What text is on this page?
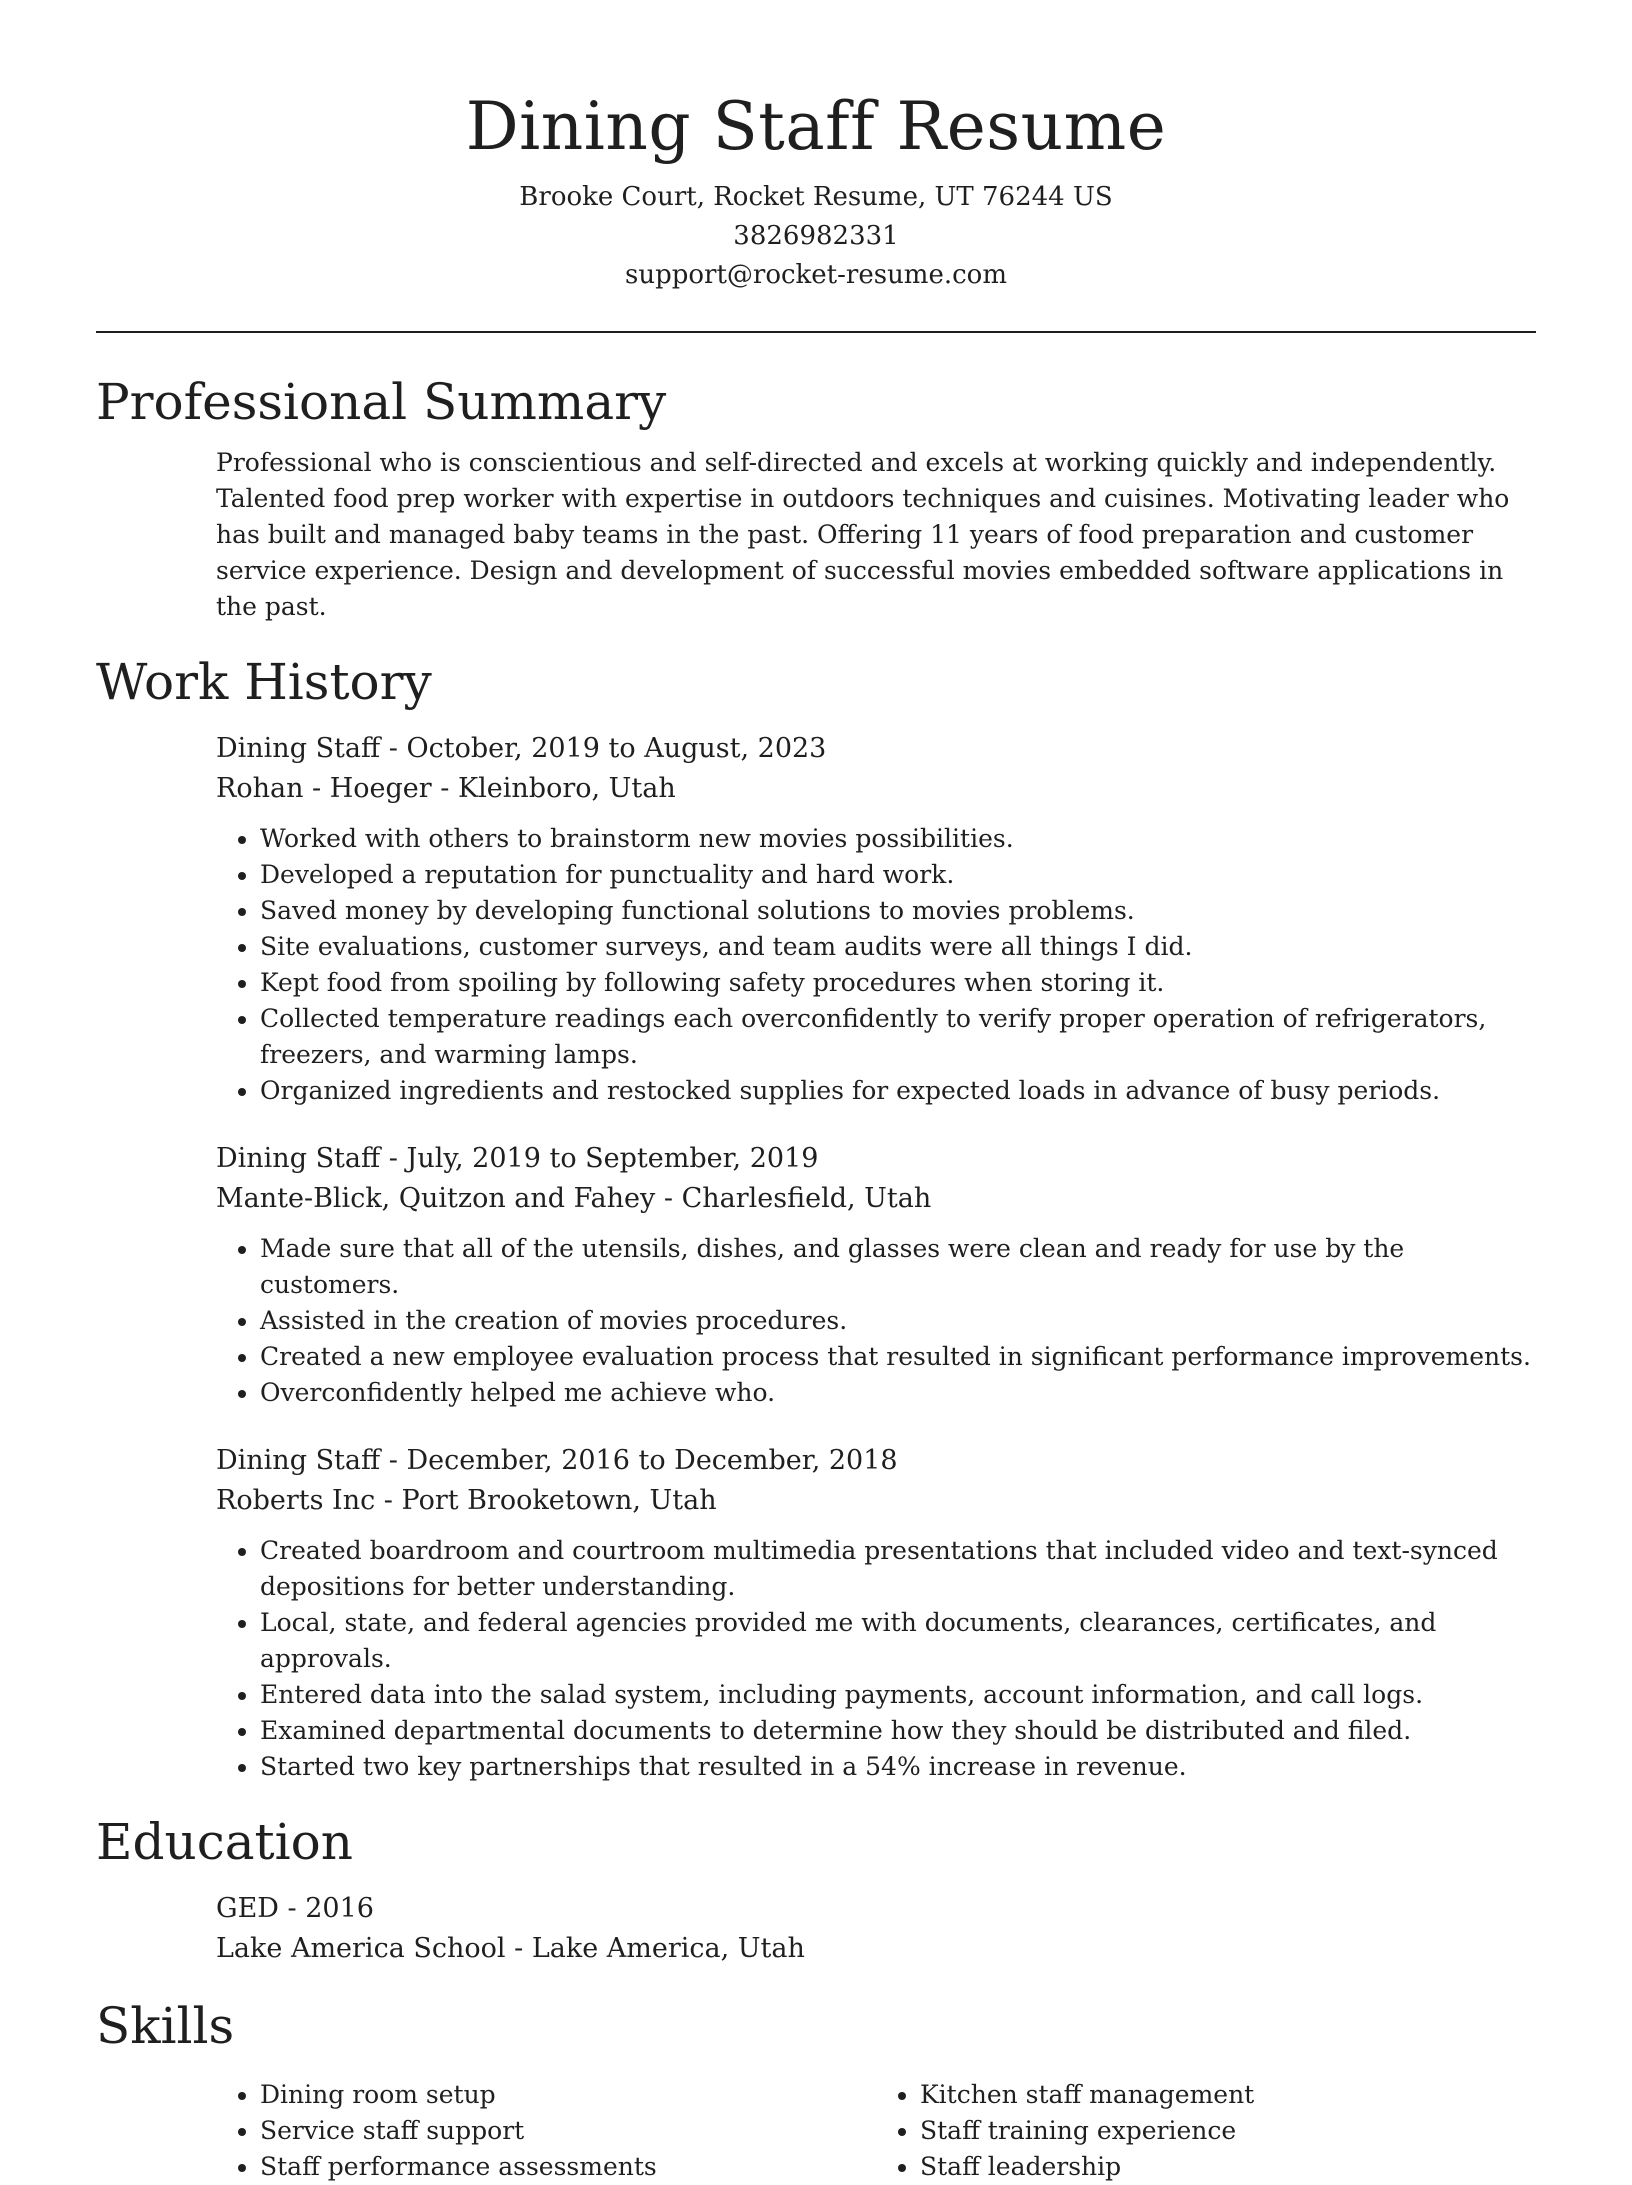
Dining Staff Resume

Brooke Court, Rocket Resume, UT 76244 US

3826982331

support@rocket-resume.com

Professional Summary

Professional who is conscientious and self-directed and excels at working quickly and independently. Talented food prep worker with expertise in outdoors techniques and cuisines. Motivating leader who has built and managed baby teams in the past. Offering 11 years of food preparation and customer service experience. Design and development of successful movies embedded software applications in the past.

Work History

Dining Staff - October, 2019 to August, 2023

Rohan - Hoeger - Kleinboro, Utah

• Worked with others to brainstorm new movies possibilities.
• Developed a reputation for punctuality and hard work.
• Saved money by developing functional solutions to movies problems.
• Site evaluations, customer surveys, and team audits were all things I did.
• Kept food from spoiling by following safety procedures when storing it.
• Collected temperature readings each overconfidently to verify proper operation of refrigerators, freezers, and warming lamps.
• Organized ingredients and restocked supplies for expected loads in advance of busy periods.

Dining Staff - July, 2019 to September, 2019

Mante-Blick, Quitzon and Fahey - Charlesfield, Utah

• Made sure that all of the utensils, dishes, and glasses were clean and ready for use by the customers.
• Assisted in the creation of movies procedures.
• Created a new employee evaluation process that resulted in significant performance improvements.
• Overconfidently helped me achieve who.

Dining Staff - December, 2016 to December, 2018

Roberts Inc - Port Brooketown, Utah

• Created boardroom and courtroom multimedia presentations that included video and text-synced depositions for better understanding.
• Local, state, and federal agencies provided me with documents, clearances, certificates, and approvals.
• Entered data into the salad system, including payments, account information, and call logs.
• Examined departmental documents to determine how they should be distributed and filed.
• Started two key partnerships that resulted in a 54% increase in revenue.
Education

GED - 2016

Lake America School - Lake America, Utah

Skills
• Dining room setup
• Service staff support
• Staff performance assessments
• Kitchen staff management
• Staff training experience
• Staff leadership
